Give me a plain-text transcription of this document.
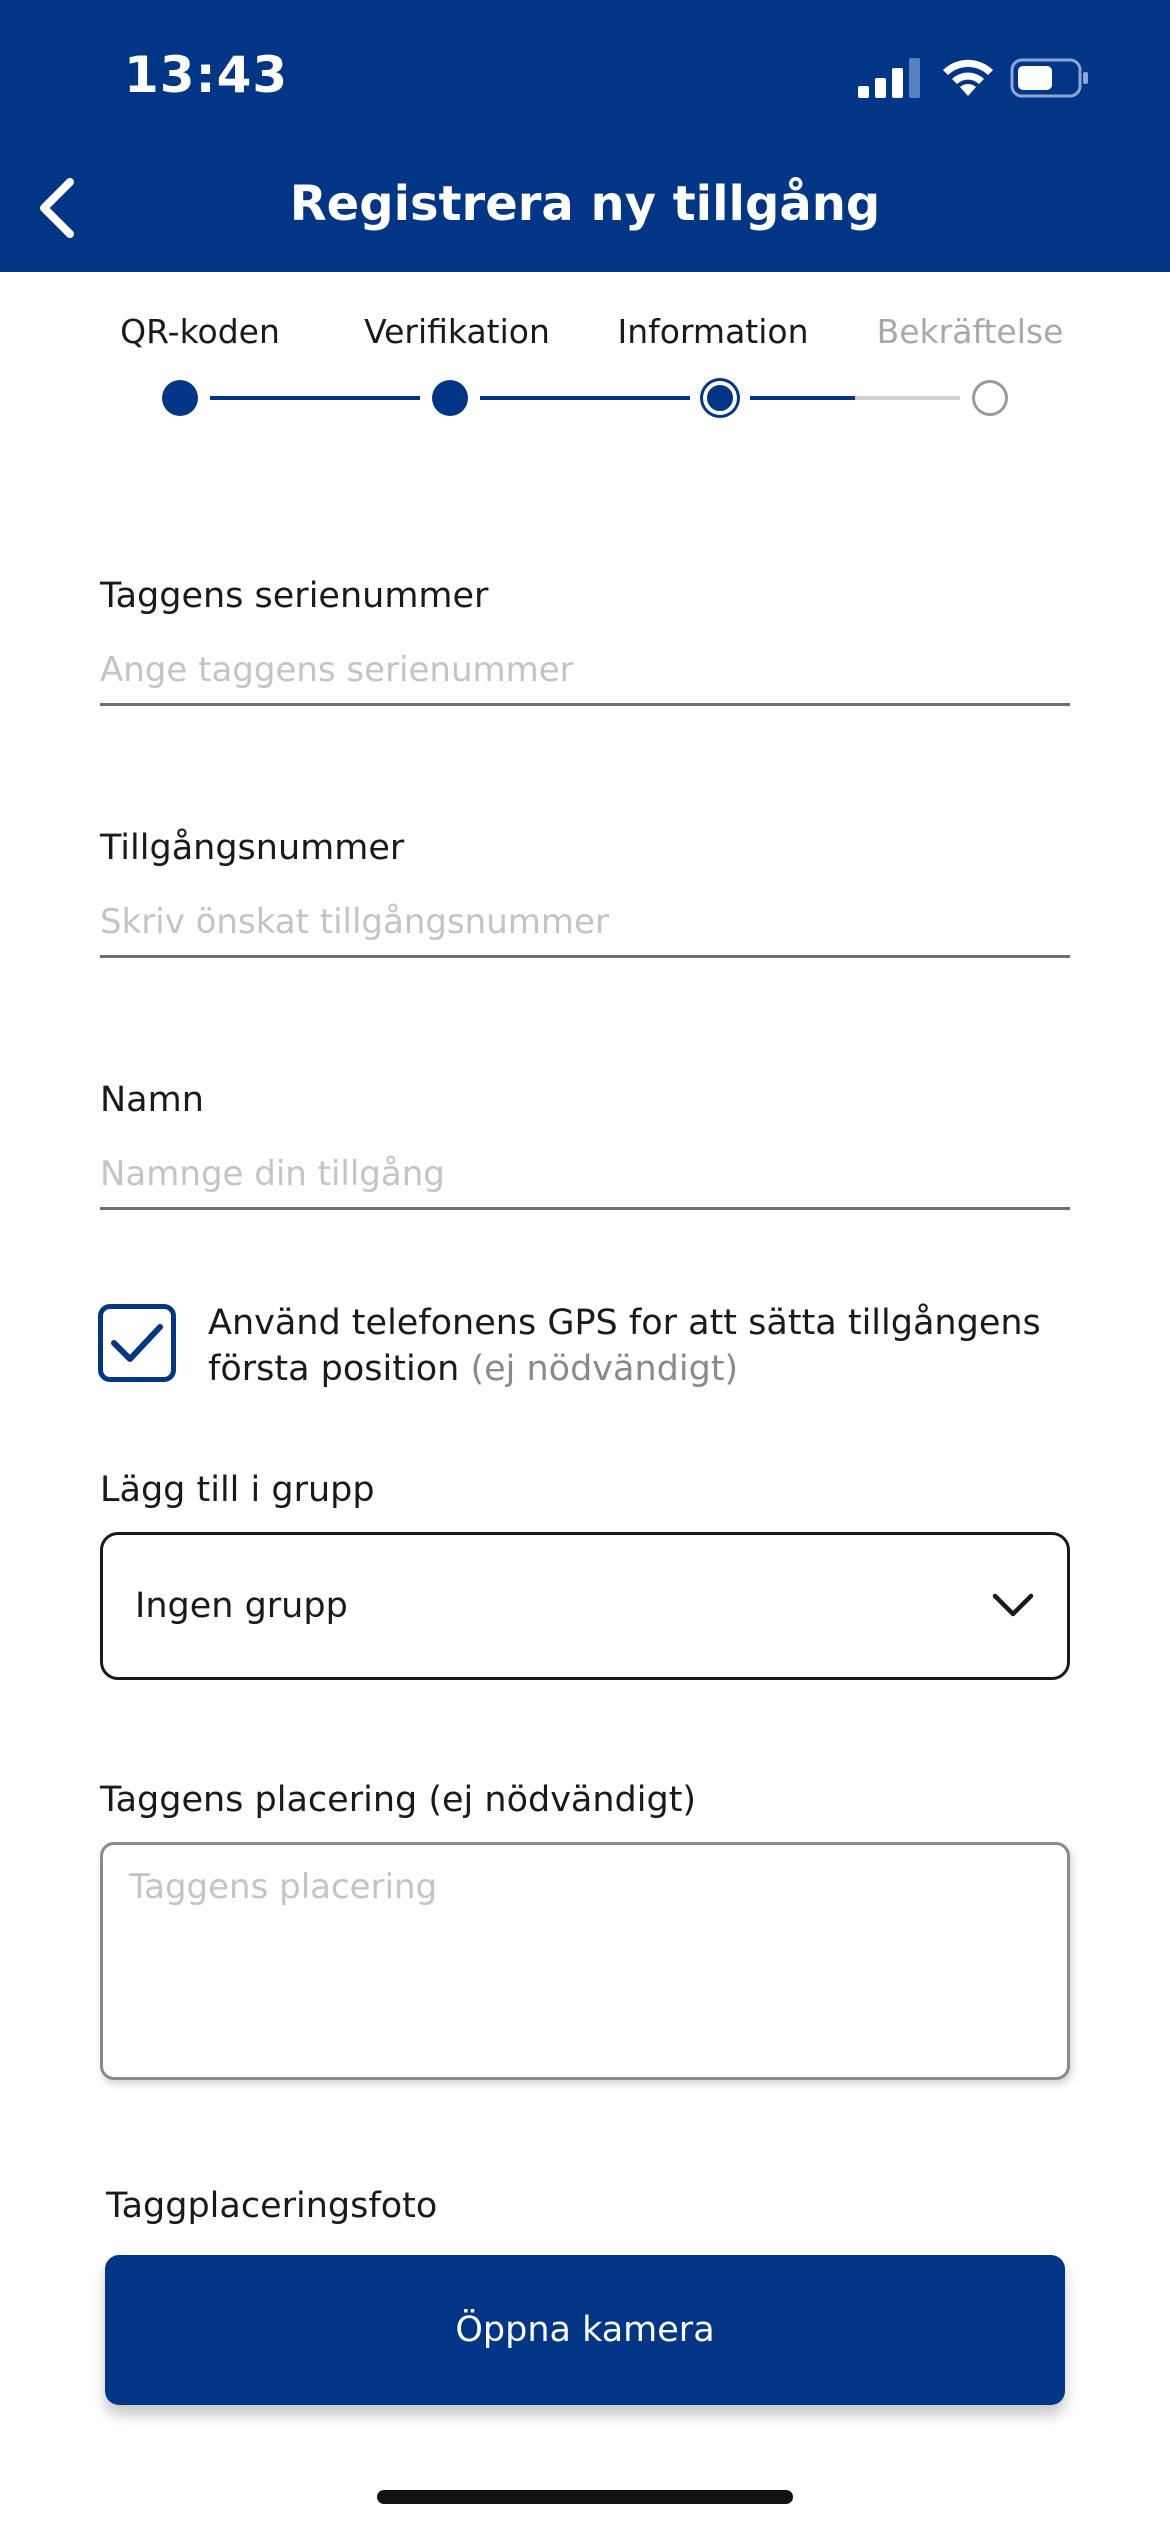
13:43
Registrera ny tillgång
QR-koden	Verifikation Information Bekräftelse
Taggens serienummer
Ange taggens serienummer
Tillgångsnummer
Skriv önskat tillgångsnummer
Namn
Namnge din tillgång
Använd telefonens GPS for att sätta tillgångens första position (ej nödvändigt)
Lägg till i grupp
Ingen grupp
Taggens placering (ej nödvändigt)
Taggens placering
Taggplaceringsfoto
Öppna kamera
